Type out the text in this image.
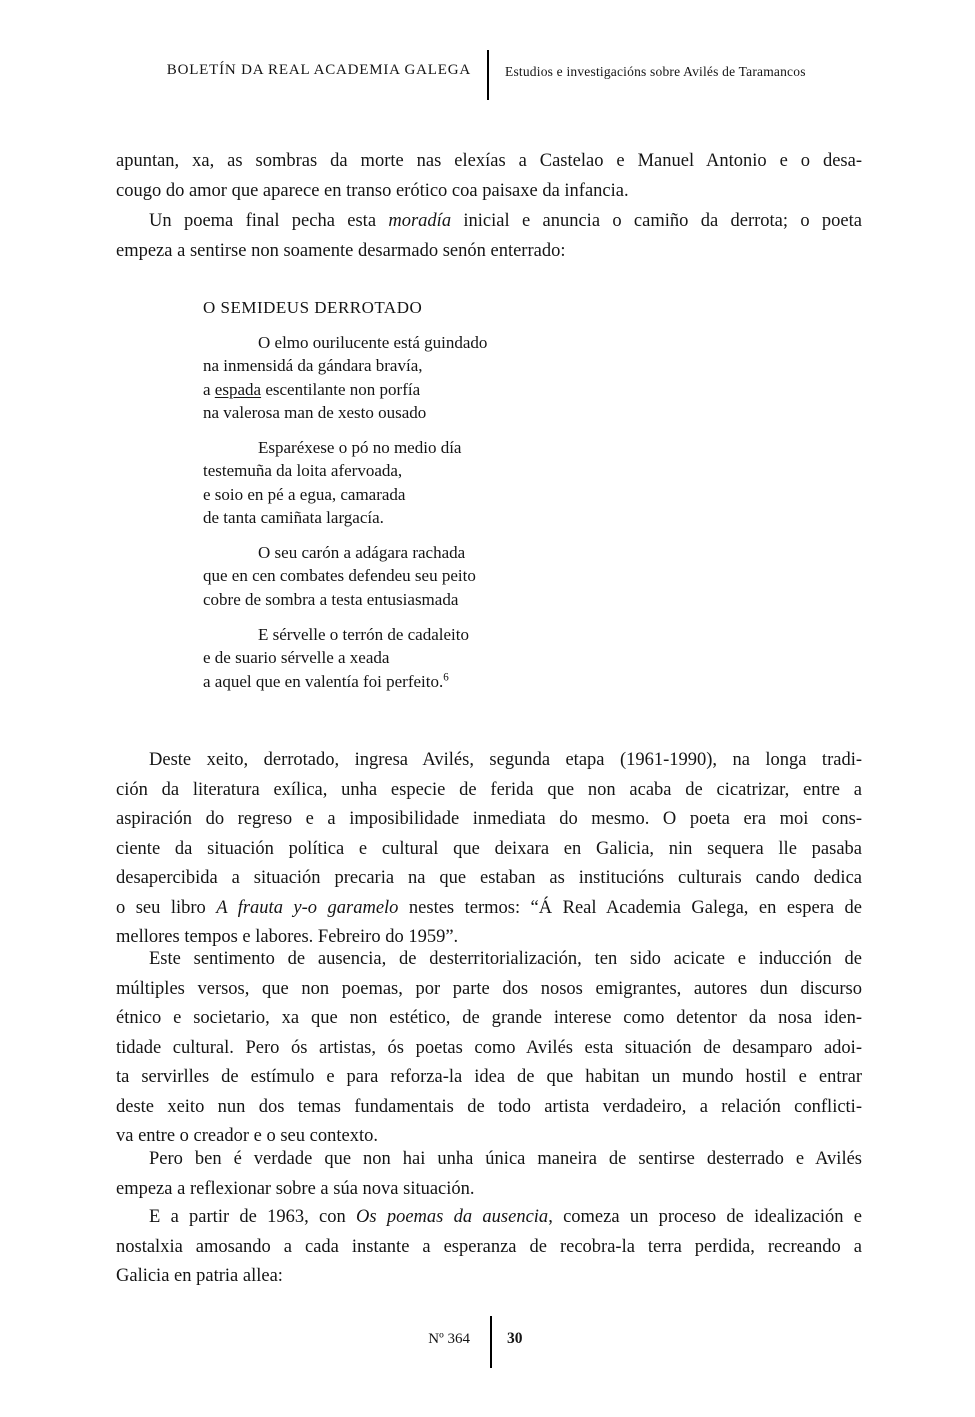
BOLETÍN DA REAL ACADEMIA GALEGA	Estudios e investigacións sobre Avilés de Taramancos
apuntan, xa, as sombras da morte nas elexías a Castelao e Manuel Antonio e o desa-
cougo do amor que aparece en transo erótico coa paisaxe da infancia.
Un poema final pecha esta moradía inicial e anuncia o camiño da derrota; o poeta
empeza a sentirse non soamente desarmado senón enterrado:
O SEMIDEUS DERROTADO
O elmo ourilucente está guindado
na inmensidá da gándara bravía,
a espada escentilante non porfía
na valerosa man de xesto ousado
Esparéxese o pó no medio día
testemuña da loita afervoada,
e soio en pé a egua, camarada
de tanta camiñata largacía.
O seu carón a adágara rachada
que en cen combates defendeu seu peito
cobre de sombra a testa entusiasmada
E sérvelle o terrón de cadaleito
e de suario sérvelle a xeada
a aquel que en valentía foi perfeito.$^6$
Deste xeito, derrotado, ingresa Avilés, segunda etapa (1961-1990), na longa tradi-
ción da literatura exílica, unha especie de ferida que non acaba de cicatrizar, entre a
aspiración do regreso e a imposibilidade inmediata do mesmo. O poeta era moi cons-
ciente da situación política e cultural que deixara en Galicia, nin sequera lle pasaba
desapercibida a situación precaria na que estaban as institucións culturais cando dedica
o seu libro A frauta y-o garamelo nestes termos: “Á Real Academia Galega, en espera de
mellores tempos e labores. Febreiro do 1959”.
Este sentimento de ausencia, de desterritorialización, ten sido acicate e inducción de
múltiples versos, que non poemas, por parte dos nosos emigrantes, autores dun discurso
étnico e societario, xa que non estético, de grande interese como detentor da nosa iden-
tidade cultural. Pero ós artistas, ós poetas como Avilés esta situación de desamparo adoi-
ta servirlles de estímulo e para reforza-la idea de que habitan un mundo hostil e entrar
deste xeito nun dos temas fundamentais de todo artista verdadeiro, a relación conflicti-
va entre o creador e o seu contexto.
Pero ben é verdade que non hai unha única maneira de sentirse desterrado e Avilés
empeza a reflexionar sobre a súa nova situación.
E a partir de 1963, con Os poemas da ausencia, comeza un proceso de idealización e
nostalxia amosando a cada instante a esperanza de recobra-la terra perdida, recreando a
Galicia en patria allea:
Nº 364 30
